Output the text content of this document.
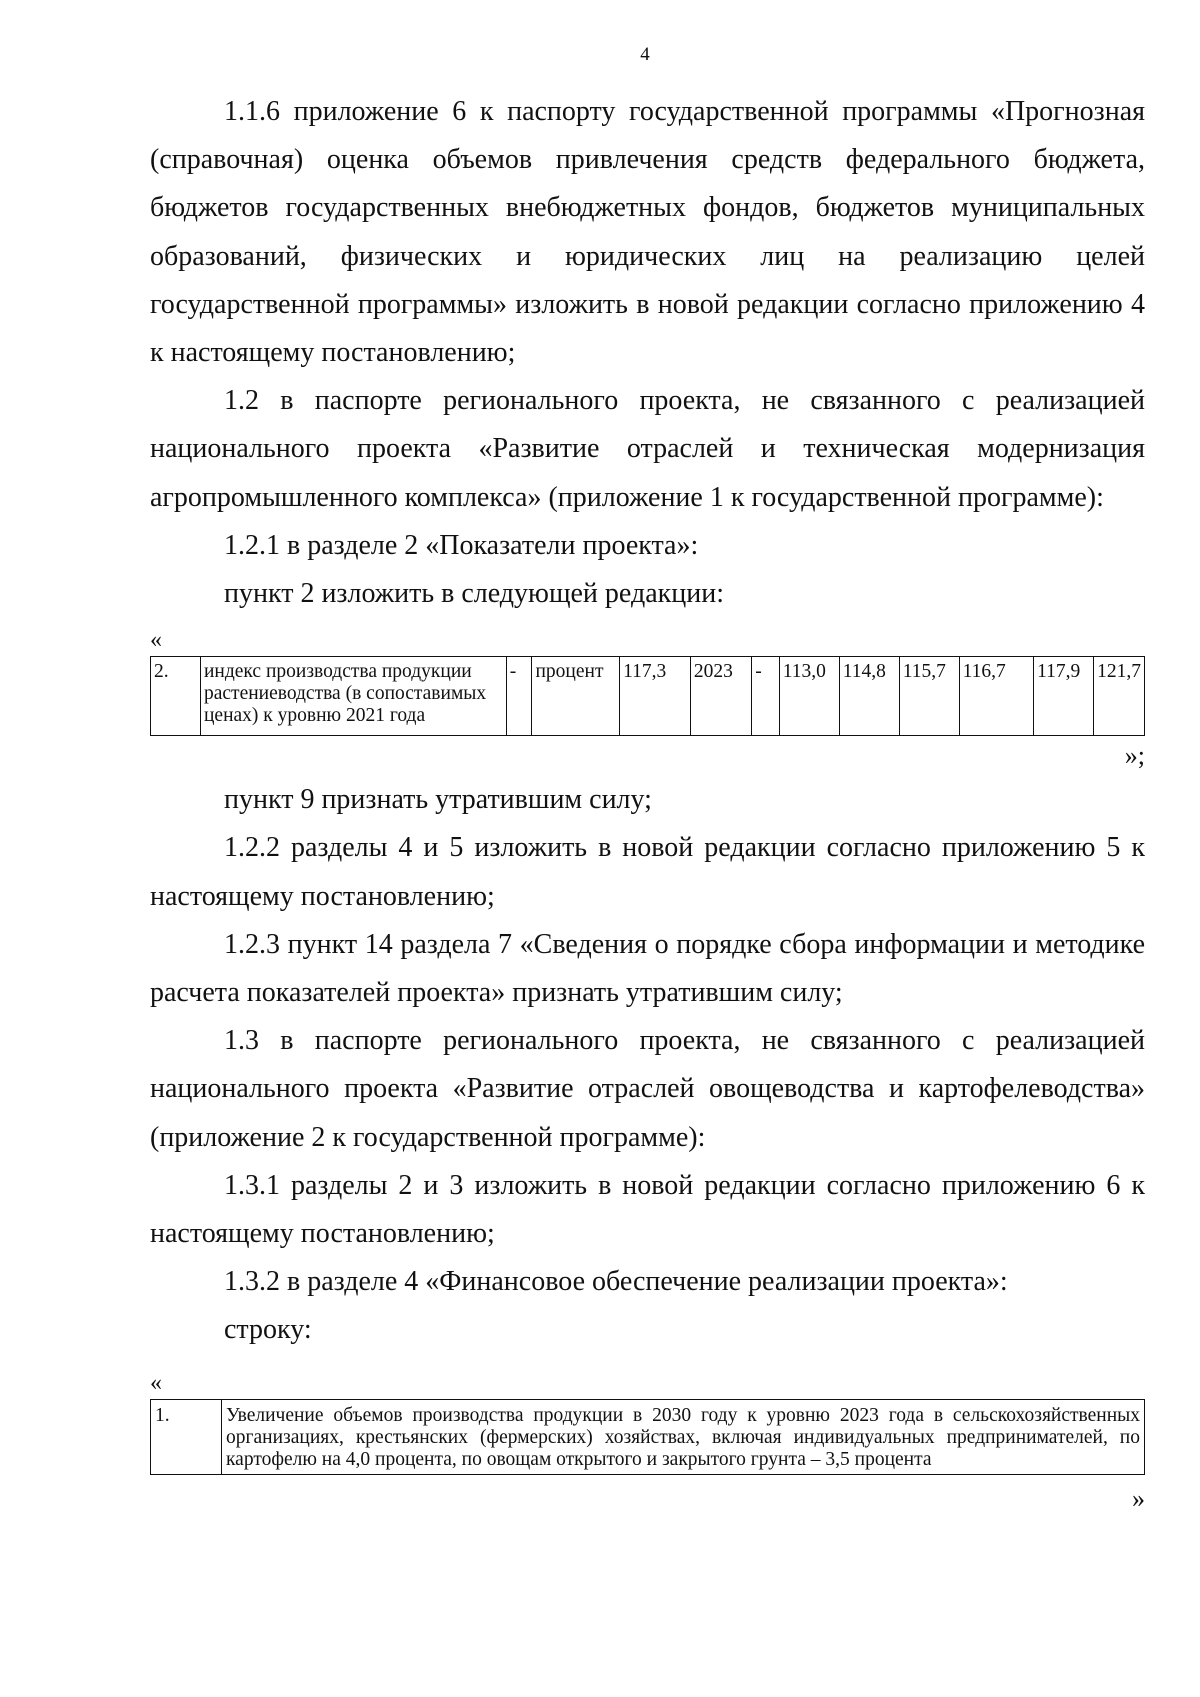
4

1.1.6 приложение 6 к паспорту государственной программы «Прогнозная (справочная) оценка объемов привлечения средств федерального бюджета, бюджетов государственных внебюджетных фондов, бюджетов муниципальных образований, физических и юридических лиц на реализацию целей государственной программы» изложить в новой редакции согласно приложению 4 к настоящему постановлению;

1.2 в паспорте регионального проекта, не связанного с реализацией национального проекта «Развитие отраслей и техническая модернизация агропромышленного комплекса» (приложение 1 к государственной программе):

1.2.1 в разделе 2 «Показатели проекта»:

пункт 2 изложить в следующей редакции:

«

2.	индекс производства продукции растениеводства (в сопоставимых ценах) к уровню 2021 года	-	процент	117,3	2023	-	113,0	114,8	115,7	116,7	117,9	121,7

»;

пункт 9 признать утратившим силу;

1.2.2 разделы 4 и 5 изложить в новой редакции согласно приложению 5 к настоящему постановлению;

1.2.3 пункт 14 раздела 7 «Сведения о порядке сбора информации и методике расчета показателей проекта» признать утратившим силу;

1.3 в паспорте регионального проекта, не связанного с реализацией национального проекта «Развитие отраслей овощеводства и картофелеводства» (приложение 2 к государственной программе):

1.3.1 разделы 2 и 3 изложить в новой редакции согласно приложению 6 к настоящему постановлению;

1.3.2 в разделе 4 «Финансовое обеспечение реализации проекта»:

строку:

«

1.	Увеличение объемов производства продукции в 2030 году к уровню 2023 года в сельскохозяйственных организациях, крестьянских (фермерских) хозяйствах, включая индивидуальных предпринимателей, по картофелю на 4,0 процента, по овощам открытого и закрытого грунта – 3,5 процента

»
